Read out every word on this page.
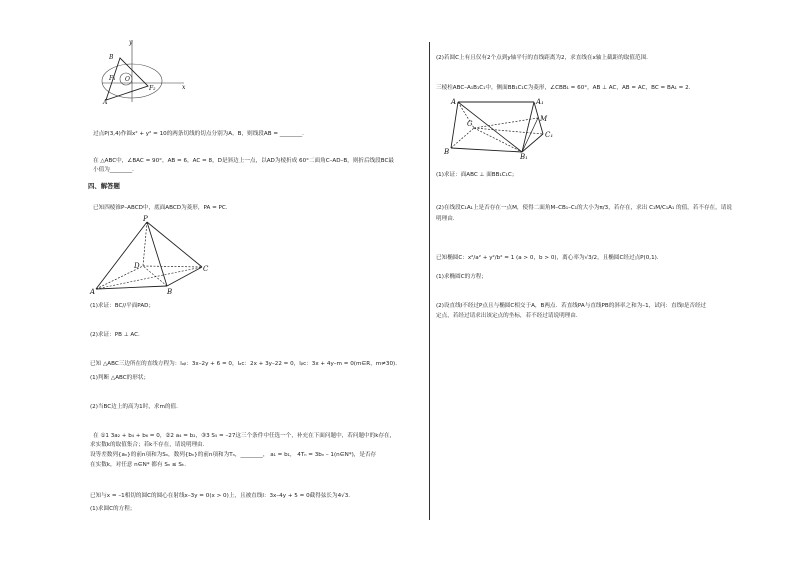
y
B
F₁ O
F₂	x
A
过点P(3,4)作圆x² + y² = 10的两条切线的切点分别为A，B，则线段AB = ________.
在 △ABC中，∠BAC = 90°，AB = 6，AC = 8，D是斜边上一点，以AD为棱折成 60°二面角C–AD–B，则折后线段BC最
小值为________.
四、解答题
已知四棱锥P–ABCD中，底面ABCD为菱形，PA = PC.
P
D	C
A	B
(1)求证：BC//平面PAD；
(2)求证：PB ⊥ AC.
已知 △ABC三边所在的直线方程为：lₐᵦ：3x–2y + 6 = 0，lₐc：2x + 3y–22 = 0，lᵦc：3x + 4y–m = 0(m∈R，m≠30).
(1)判断 △ABC的形状；
(2)当BC边上的高为1时，求m的值.
在 ①1 3a₂ + b₄ + b₆ = 0，②2 a₄ = b₂，③3 S₅ = –27这三个条件中任选一个，补充在下面问题中，若问题中的k存在，
求实数k的取值集合；若k不存在，请说明理由.
设等差数列{aₙ}的前n项和为Sₙ，数列{bₙ}的前n项和为Tₙ，________， a₁ = b₁， 4Tₙ = 3bₙ – 1(n∈N*)，是否存
在实数k，对任意 n∈N* 都有 Sₙ ≤ Sₖ.
已知与x = –1相切的圆C的圆心在射线x–3y = 0(x > 0)上，且被直线l：3x–4y + 5 = 0截得弦长为4√3.
(1)求圆C的方程；
(2)若圆C上有且仅有2个点到y轴平行的直线距离为2，求直线在x轴上截距的取值范围.
三棱柱ABC–A₁B₁C₁中，侧面BB₁C₁C为菱形，∠CBB₁ = 60°，AB ⊥ AC，AB = AC，BC = BA₁ = 2.
A	A₁
M
C
C₁
B
B₁
(1)求证：面ABC ⊥ 面BB₁C₁C；
(2)在线段C₁A₁上是否存在一点M，使得二面角M–CB₁–C₁的大小为π/3，若存在，求出 C₁M/C₁A₁ 的值，若不存在，请说
明理由.
已知椭圆C：x²/a² + y²/b² = 1 (a > 0，b > 0)，离心率为√3/2，且椭圆C经过点P(0,1).
(1)求椭圆C的方程；
(2)设直线l不经过P点且与椭圆C相交于A，B两点．若直线PA与直线PB的斜率之和为–1，试问：直线l是否经过
定点，若经过请求出该定点的坐标，若不经过请说明理由.
